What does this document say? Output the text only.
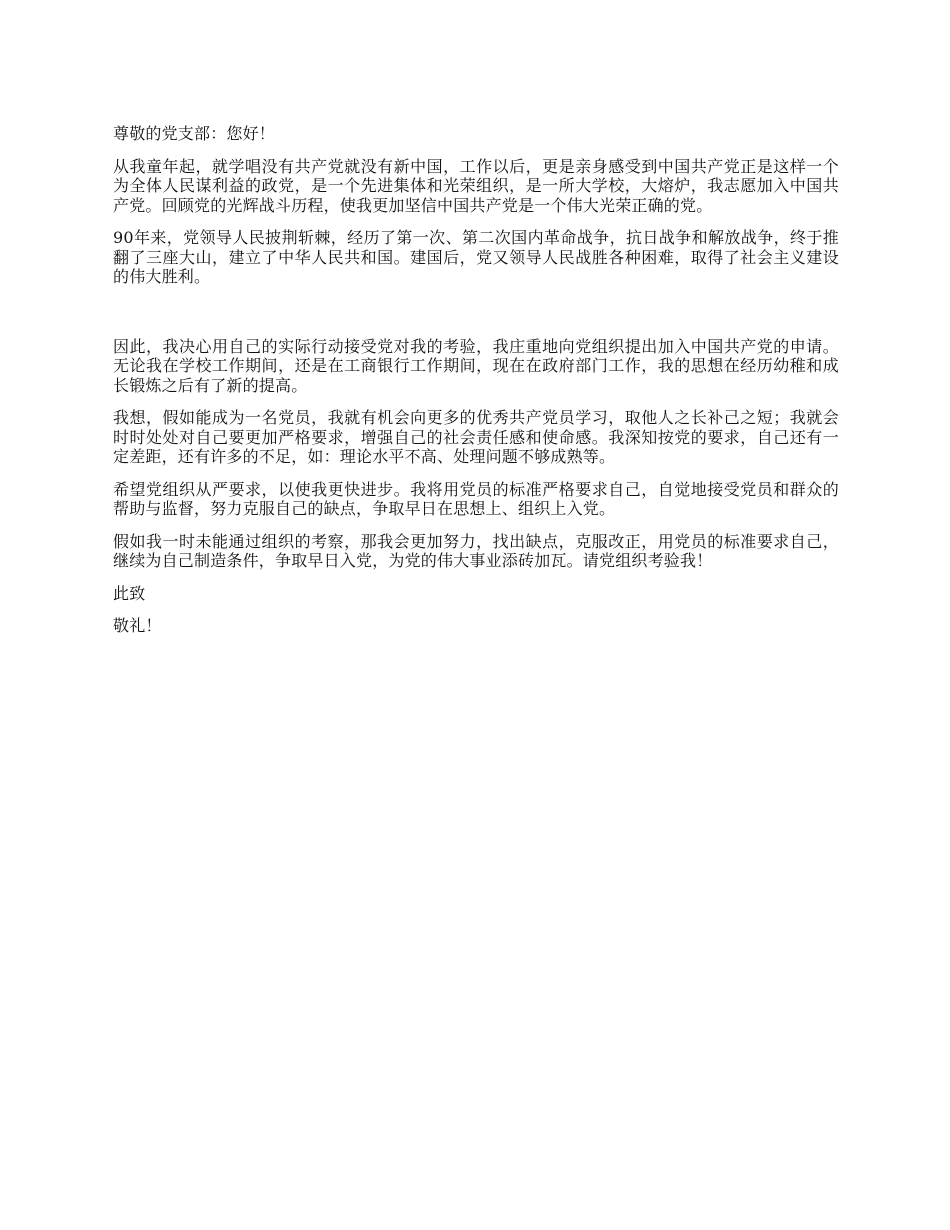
尊敬的党支部：您好！

从我童年起，就学唱没有共产党就没有新中国，工作以后，更是亲身感受到中国共产党正是这样一个为全体人民谋利益的政党，是一个先进集体和光荣组织，是一所大学校，大熔炉，我志愿加入中国共产党。回顾党的光辉战斗历程，使我更加坚信中国共产党是一个伟大光荣正确的党。

90年来，党领导人民披荆斩棘，经历了第一次、第二次国内革命战争，抗日战争和解放战争，终于推翻了三座大山，建立了中华人民共和国。建国后，党又领导人民战胜各种困难，取得了社会主义建设的伟大胜利。

因此，我决心用自己的实际行动接受党对我的考验，我庄重地向党组织提出加入中国共产党的申请。无论我在学校工作期间，还是在工商银行工作期间，现在在政府部门工作，我的思想在经历幼稚和成长锻炼之后有了新的提高。

我想，假如能成为一名党员，我就有机会向更多的优秀共产党员学习，取他人之长补己之短；我就会时时处处对自己要更加严格要求，增强自己的社会责任感和使命感。我深知按党的要求，自己还有一定差距，还有许多的不足，如：理论水平不高、处理问题不够成熟等。

希望党组织从严要求，以使我更快进步。我将用党员的标准严格要求自己，自觉地接受党员和群众的帮助与监督，努力克服自己的缺点，争取早日在思想上、组织上入党。

假如我一时未能通过组织的考察，那我会更加努力，找出缺点，克服改正，用党员的标准要求自己，继续为自己制造条件，争取早日入党，为党的伟大事业添砖加瓦。请党组织考验我！

此致

敬礼！
